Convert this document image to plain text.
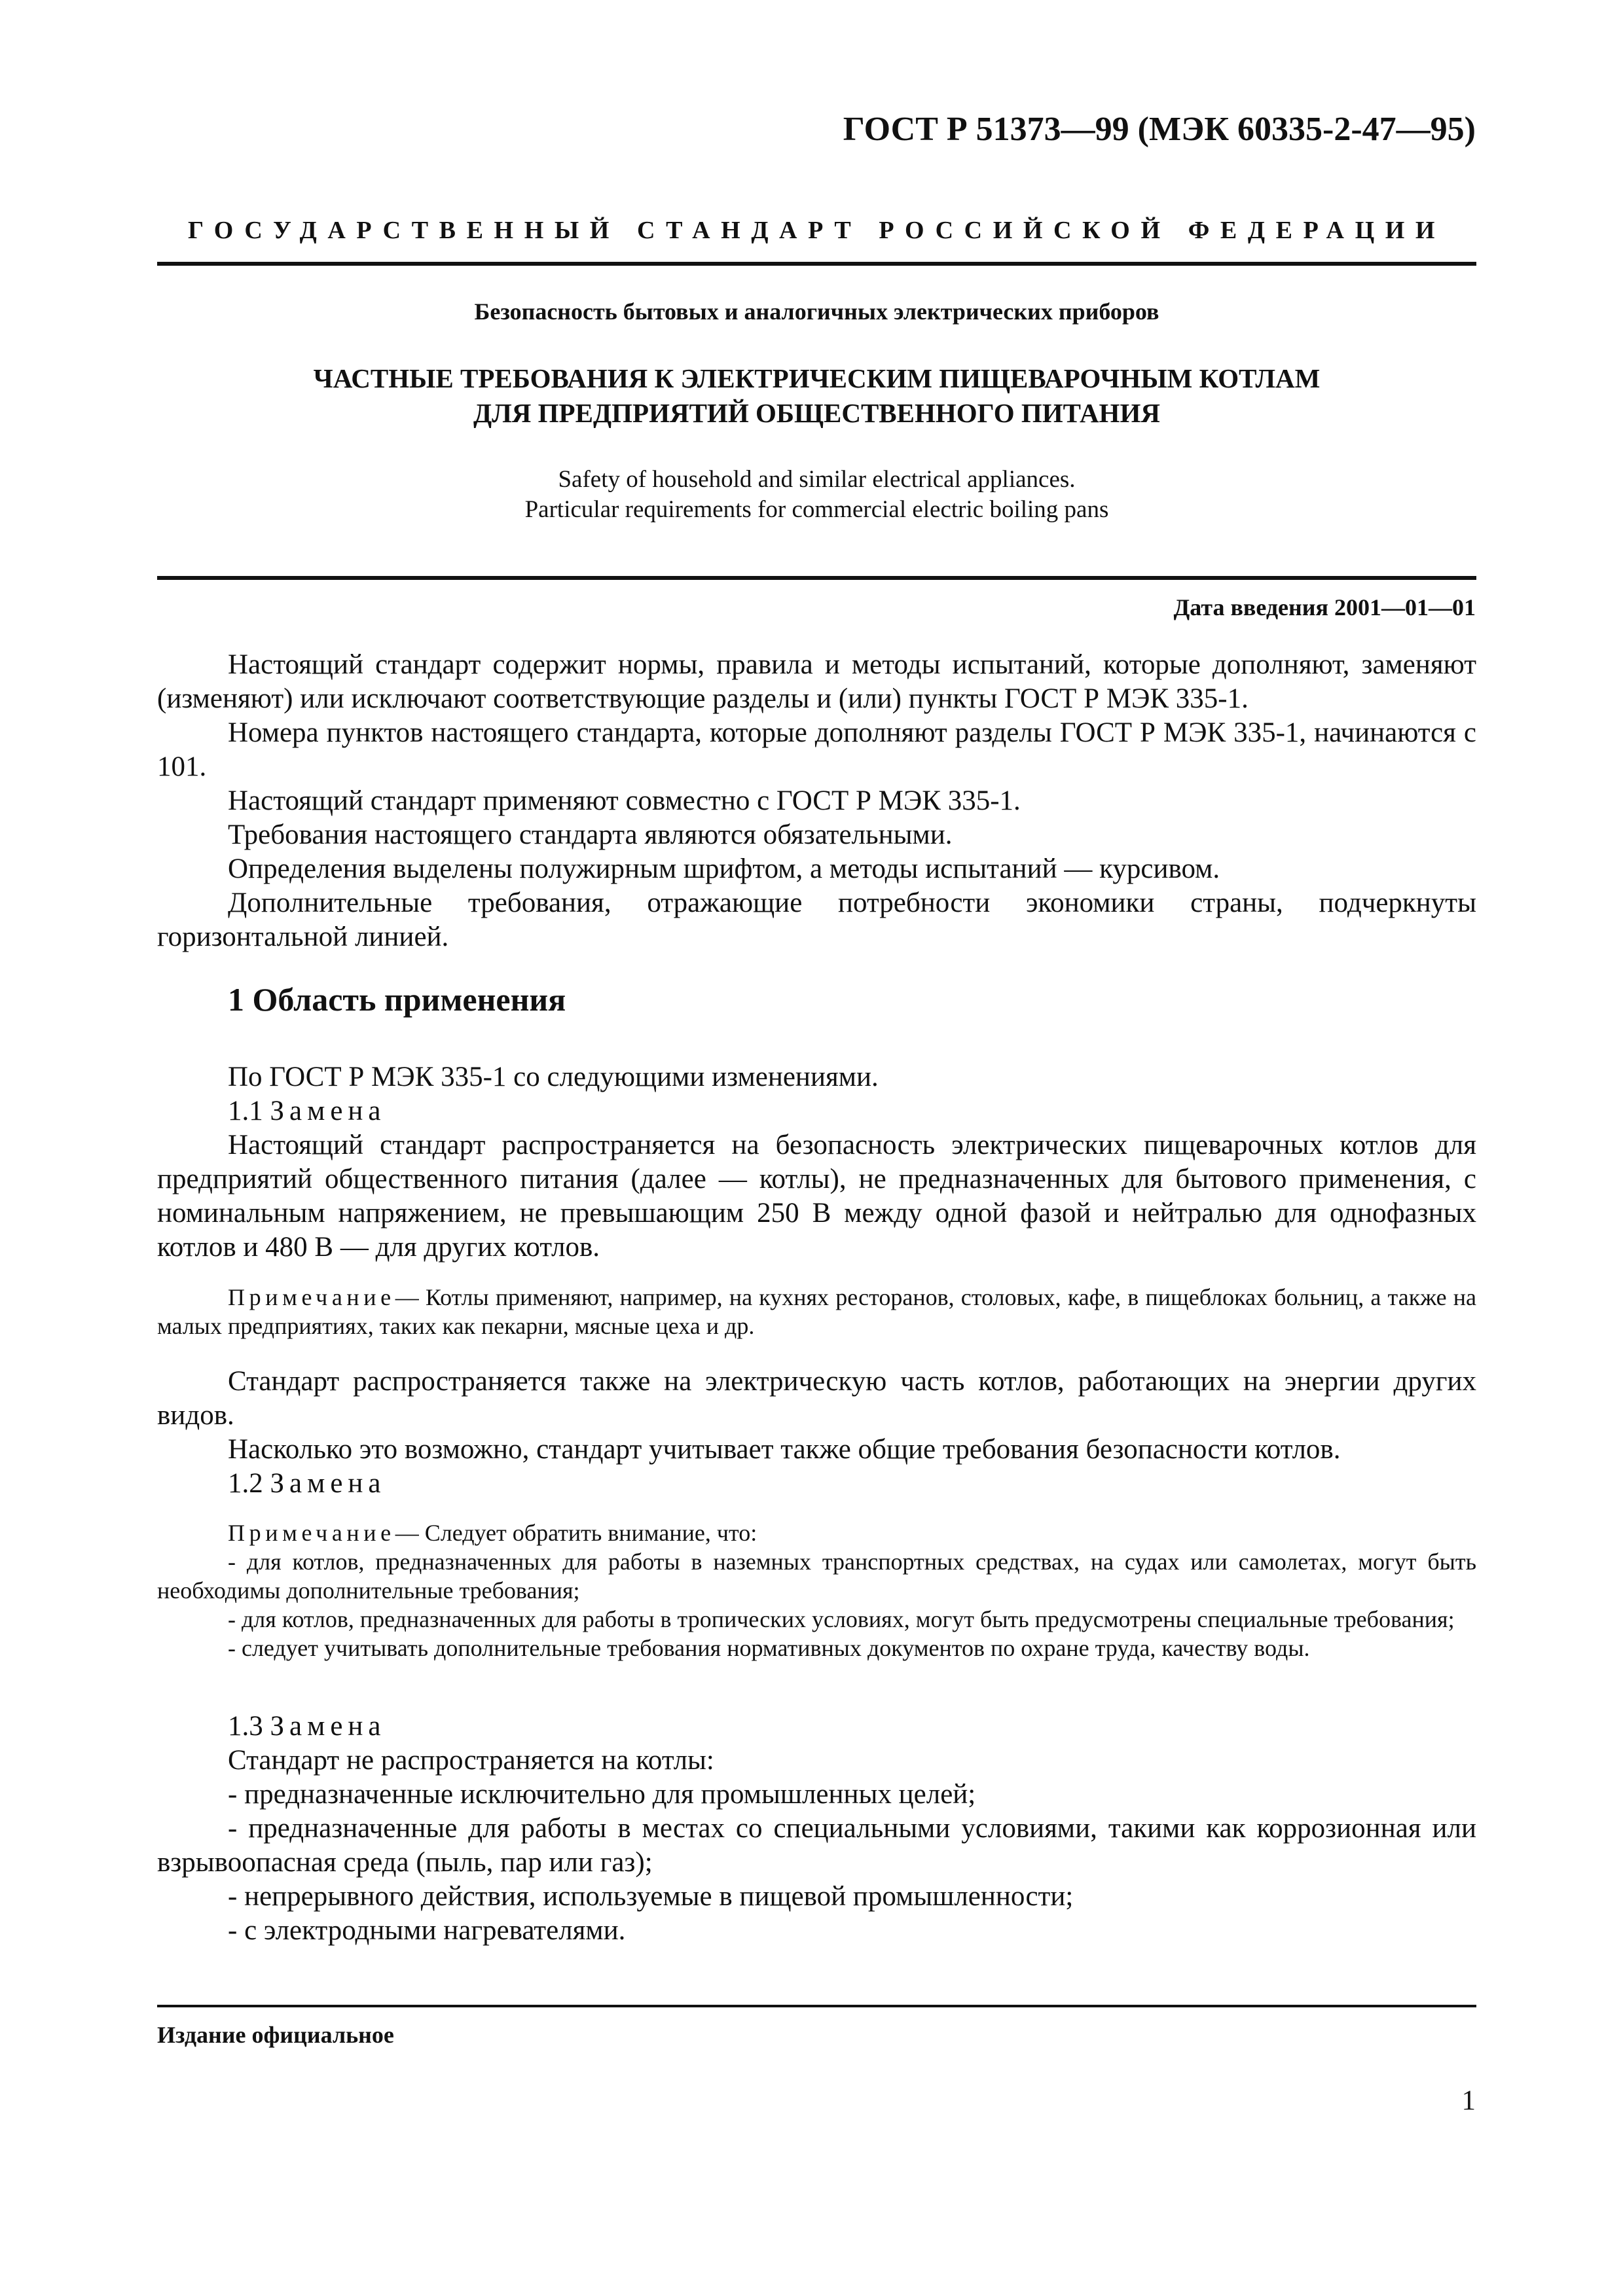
ГОСТ Р 51373—99 (МЭК 60335-2-47—95)
ГОСУДАРСТВЕННЫЙ СТАНДАРТ РОССИЙСКОЙ ФЕДЕРАЦИИ
Безопасность бытовых и аналогичных электрических приборов
ЧАСТНЫЕ ТРЕБОВАНИЯ К ЭЛЕКТРИЧЕСКИМ ПИЩЕВАРОЧНЫМ КОТЛАМ
ДЛЯ ПРЕДПРИЯТИЙ ОБЩЕСТВЕННОГО ПИТАНИЯ
Safety of household and similar electrical appliances.
Particular requirements for commercial electric boiling pans
Дата введения 2001—01—01

Настоящий стандарт содержит нормы, правила и методы испытаний, которые дополняют, заменяют (изменяют) или исключают соответствующие разделы и (или) пункты ГОСТ Р МЭК 335-1.

Номера пунктов настоящего стандарта, которые дополняют разделы ГОСТ Р МЭК 335-1, начинаются с 101.

Настоящий стандарт применяют совместно с ГОСТ Р МЭК 335-1.

Требования настоящего стандарта являются обязательными.

Определения выделены полужирным шрифтом, а методы испытаний — курсивом.

Дополнительные требования, отражающие потребности экономики страны, подчеркнуты горизонтальной линией.

1 Область применения

По ГОСТ Р МЭК 335-1 со следующими изменениями.

1.1 Замена

Настоящий стандарт распространяется на безопасность электрических пищеварочных котлов для предприятий общественного питания (далее — котлы), не предназначенных для бытового применения, с номинальным напряжением, не превышающим 250 В между одной фазой и нейтралью для однофазных котлов и 480 В — для других котлов.

Примечание— Котлы применяют, например, на кухнях ресторанов, столовых, кафе, в пищеблоках больниц, а также на малых предприятиях, таких как пекарни, мясные цеха и др.

Стандарт распространяется также на электрическую часть котлов, работающих на энергии других видов.

Насколько это возможно, стандарт учитывает также общие требования безопасности котлов.

1.2 Замена

Примечание— Следует обратить внимание, что:

- для котлов, предназначенных для работы в наземных транспортных средствах, на судах или самолетах, могут быть необходимы дополнительные требования;

- для котлов, предназначенных для работы в тропических условиях, могут быть предусмотрены специальные требования;

- следует учитывать дополнительные требования нормативных документов по охране труда, качеству воды.

1.3 Замена

Стандарт не распространяется на котлы:

- предназначенные исключительно для промышленных целей;

- предназначенные для работы в местах со специальными условиями, такими как коррозионная или взрывоопасная среда (пыль, пар или газ);

- непрерывного действия, используемые в пищевой промышленности;

- с электродными нагревателями.

Издание официальное
1
